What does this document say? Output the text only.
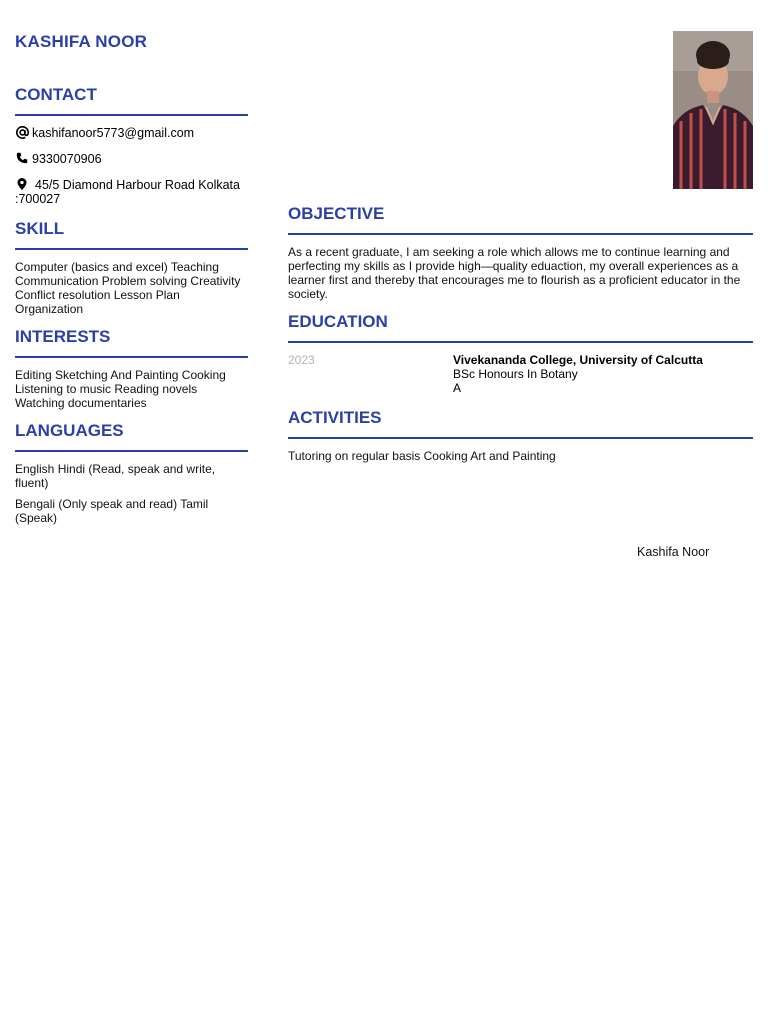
KASHIFA NOOR
CONTACT
kashifanoor5773@gmail.com
9330070906
45/5 Diamond Harbour Road Kolkata :700027
SKILL
Computer (basics and excel) Teaching Communication Problem solving Creativity Conflict resolution Lesson Plan Organization
INTERESTS
Editing Sketching And Painting Cooking Listening to music Reading novels Watching documentaries
LANGUAGES
English Hindi (Read, speak and write, fluent)
Bengali (Only speak and read) Tamil (Speak)
OBJECTIVE
As a recent graduate, I am seeking a role which allows me to continue learning and perfecting my skills as I provide high—quality eduaction, my overall experiences as a learner first and thereby that encourages me to flourish as a proficient educator in the society.
EDUCATION
2023	Vivekananda College, University of Calcutta
BSc Honours In Botany
A
ACTIVITIES
Tutoring on regular basis Cooking Art and Painting
Kashifa Noor
